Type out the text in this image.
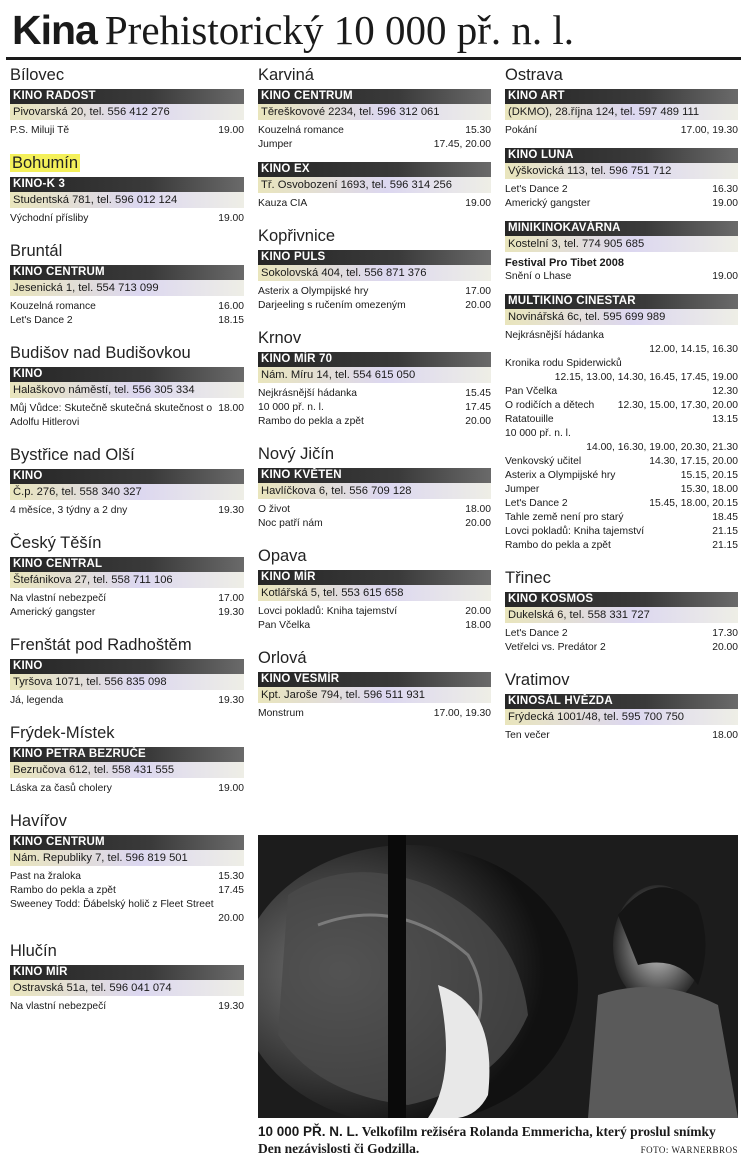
Kina Prehistorický 10 000 př. n. l.
Bílovec
KINO RADOST
Pivovarská 20, tel. 556 412 276
P.S. Miluji Tě	19.00
Bohumín
KINO-K 3
Studentská 781, tel. 596 012 124
Východní přísliby	19.00
Bruntál
KINO CENTRUM
Jesenická 1, tel. 554 713 099
Kouzelná romance	16.00
Let's Dance 2	18.15
Budišov nad Budišovkou
KINO
Halaškovo náměstí, tel. 556 305 334
Můj Vůdce: Skutečně skutečná skutečnost o Adolfu Hitlerovi
18.00
Bystřice nad Olší
KINO
Č.p. 276, tel. 558 340 327
4 měsíce, 3 týdny a 2 dny	19.30
Český Těšín
KINO CENTRAL
Štefánikova 27, tel. 558 711 106
Na vlastní nebezpečí	17.00
Americký gangster	19.30
Frenštát pod Radhoštěm
KINO
Tyršova 1071, tel. 556 835 098
Já, legenda	19.30
Frýdek-Místek
KINO PETRA BEZRUČE
Bezručova 612, tel. 558 431 555
Láska za časů cholery	19.00
Havířov
KINO CENTRUM
Nám. Republiky 7, tel. 596 819 501
Past na žraloka	15.30
Rambo do pekla a zpět	17.45
Sweeney Todd: Ďábelský holič z Fleet Street
20.00
Hlučín
KINO MÍR
Ostravská 51a, tel. 596 041 074
Na vlastní nebezpečí	19.30
Karviná
KINO CENTRUM
Těreškovové 2234, tel. 596 312 061
Kouzelná romance	15.30
Jumper	17.45, 20.00
KINO EX
Tř. Osvobození 1693, tel. 596 314 256
Kauza CIA	19.00
Kopřivnice
KINO PULS
Sokolovská 404, tel. 556 871 376
Asterix a Olympijské hry	17.00
Darjeeling s ručením omezeným	20.00
Krnov
KINO MÍR 70
Nám. Míru 14, tel. 554 615 050
Nejkrásnější hádanka	15.45
10 000 př. n. l.	17.45
Rambo do pekla a zpět	20.00
Nový Jičín
KINO KVĚTEN
Havlíčkova 6, tel. 556 709 128
O život	18.00
Noc patří nám	20.00
Opava
KINO MÍR
Kotlářská 5, tel. 553 615 658
Lovci pokladů: Kniha tajemství	20.00
Pan Včelka	18.00
Orlová
KINO VESMÍR
Kpt. Jaroše 794, tel. 596 511 931
Monstrum	17.00, 19.30
Ostrava
KINO ART
(DKMO), 28.října 124, tel. 597 489 111
Pokání	17.00, 19.30
KINO LUNA
Výškovická 113, tel. 596 751 712
Let's Dance 2	16.30
Americký gangster	19.00
MINIKINOKAVÁRNA
Kostelní 3, tel. 774 905 685
Festival Pro Tibet 2008
Snění o Lhase	19.00
MULTIKINO CINESTAR
Novinářská 6c, tel. 595 699 989
Nejkrásnější hádanka
12.00, 14.15, 16.30
Kronika rodu Spiderwicků
12.15, 13.00, 14.30, 16.45, 17.45, 19.00
Pan Včelka	12.30
O rodičích a dětech	12.30, 15.00, 17.30, 20.00
Ratatouille	13.15
10 000 př. n. l.
14.00, 16.30, 19.00, 20.30, 21.30
Venkovský učitel	14.30, 17.15, 20.00
Asterix a Olympijské hry	15.15, 20.15
Jumper	15.30, 18.00
Let's Dance 2	15.45, 18.00, 20.15
Tahle země není pro starý	18.45
Lovci pokladů: Kniha tajemství	21.15
Rambo do pekla a zpět	21.15
Třinec
KINO KOSMOS
Dukelská 6, tel. 558 331 727
Let's Dance 2	17.30
Vetřelci vs. Predátor 2	20.00
Vratimov
KINOSÁL HVĚZDA
Frýdecká 1001/48, tel. 595 700 750
Ten večer	18.00
10 000 PŘ. N. L. Velkofilm režiséra Rolanda Emmericha, který proslul snímky Den nezávislosti či Godzilla.	FOTO: WARNERBROS
